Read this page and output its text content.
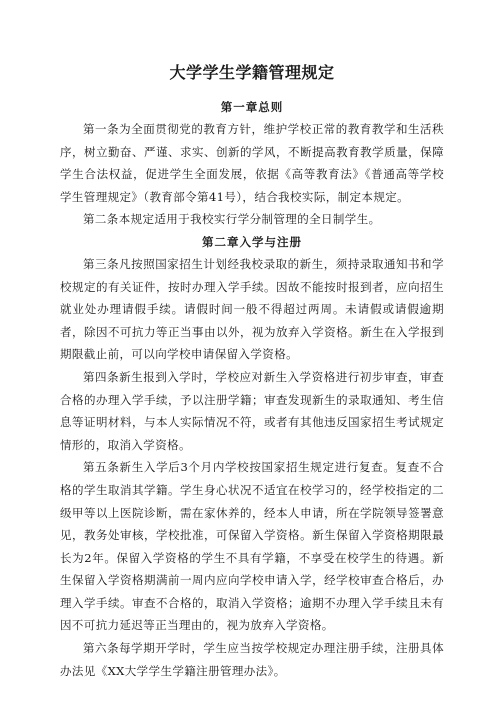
大学学生学籍管理规定
第一章总则

第一条为全面贯彻党的教育方针，维护学校正常的教育教学和生活秩序，树立勤奋、严谨、求实、创新的学风，不断提高教育教学质量，保障学生合法权益，促进学生全面发展，依据《高等教育法》《普通高等学校学生管理规定》（教育部令第41号），结合我校实际，制定本规定。

第二条本规定适用于我校实行学分制管理的全日制学生。

第二章入学与注册

第三条凡按照国家招生计划经我校录取的新生，须持录取通知书和学校规定的有关证件，按时办理入学手续。因故不能按时报到者，应向招生就业处办理请假手续。请假时间一般不得超过两周。未请假或请假逾期者，除因不可抗力等正当事由以外，视为放弃入学资格。新生在入学报到期限截止前，可以向学校申请保留入学资格。

第四条新生报到入学时，学校应对新生入学资格进行初步审查，审查合格的办理入学手续，予以注册学籍；审查发现新生的录取通知、考生信息等证明材料，与本人实际情况不符，或者有其他违反国家招生考试规定情形的，取消入学资格。

第五条新生入学后3个月内学校按国家招生规定进行复查。复查不合格的学生取消其学籍。学生身心状况不适宜在校学习的，经学校指定的二级甲等以上医院诊断，需在家休养的，经本人申请，所在学院领导签署意见，教务处审核，学校批准，可保留入学资格。新生保留入学资格期限最长为2年。保留入学资格的学生不具有学籍，不享受在校学生的待遇。新生保留入学资格期满前一周内应向学校申请入学，经学校审查合格后，办理入学手续。审查不合格的，取消入学资格；逾期不办理入学手续且未有因不可抗力延迟等正当理由的，视为放弃入学资格。

第六条每学期开学时，学生应当按学校规定办理注册手续，注册具体办法见《XX大学学生学籍注册管理办法》。
